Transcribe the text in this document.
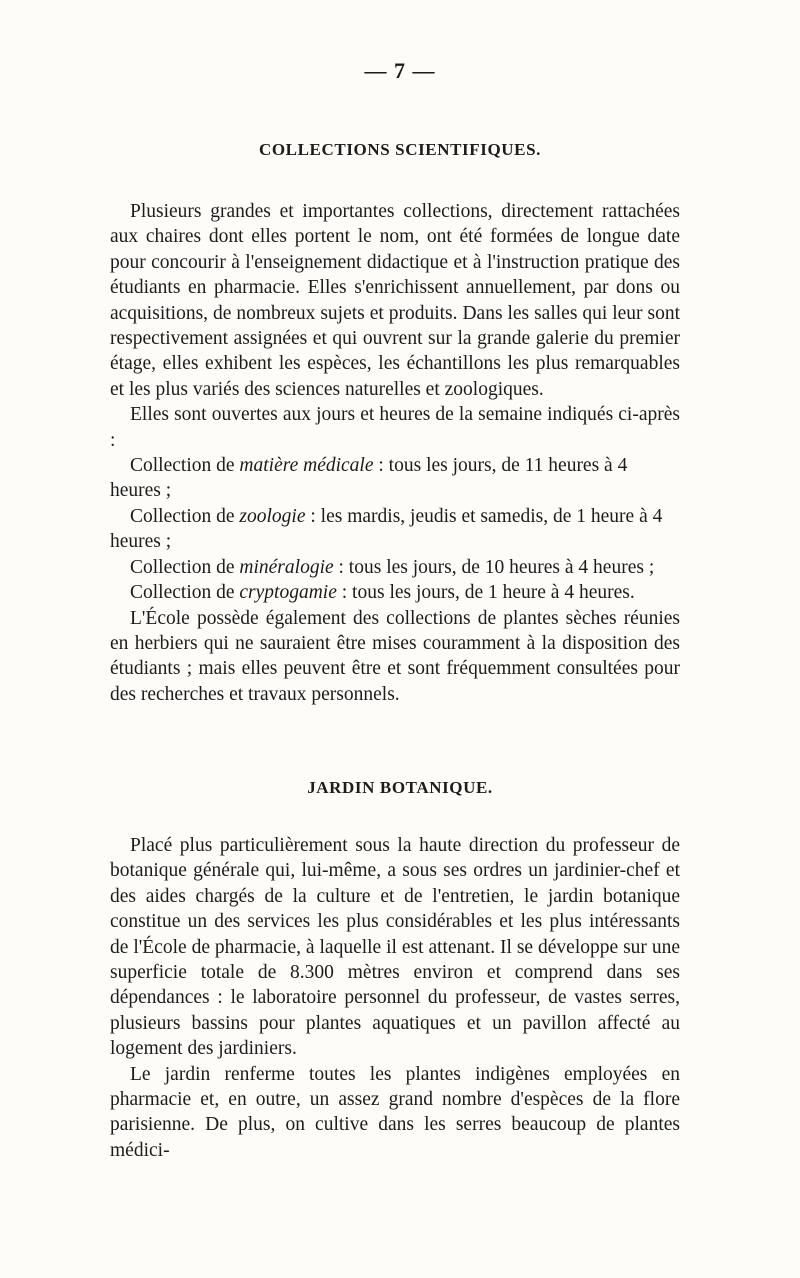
— 7 —
COLLECTIONS SCIENTIFIQUES.

Plusieurs grandes et importantes collections, directement rattachées aux chaires dont elles portent le nom, ont été formées de longue date pour concourir à l'enseignement didactique et à l'instruction pratique des étudiants en pharmacie. Elles s'enrichissent annuellement, par dons ou acquisitions, de nombreux sujets et produits. Dans les salles qui leur sont respectivement assignées et qui ouvrent sur la grande galerie du premier étage, elles exhibent les espèces, les échantillons les plus remarquables et les plus variés des sciences naturelles et zoologiques.

Elles sont ouvertes aux jours et heures de la semaine indiqués ci-après :

Collection de matière médicale : tous les jours, de 11 heures à 4 heures ;

Collection de zoologie : les mardis, jeudis et samedis, de 1 heure à 4 heures ;

Collection de minéralogie : tous les jours, de 10 heures à 4 heures ;

Collection de cryptogamie : tous les jours, de 1 heure à 4 heures.

L'École possède également des collections de plantes sèches réunies en herbiers qui ne sauraient être mises couramment à la disposition des étudiants ; mais elles peuvent être et sont fréquemment consultées pour des recherches et travaux personnels.

JARDIN BOTANIQUE.

Placé plus particulièrement sous la haute direction du professeur de botanique générale qui, lui-même, a sous ses ordres un jardinier-chef et des aides chargés de la culture et de l'entretien, le jardin botanique constitue un des services les plus considérables et les plus intéressants de l'École de pharmacie, à laquelle il est attenant. Il se développe sur une superficie totale de 8.300 mètres environ et comprend dans ses dépendances : le laboratoire personnel du professeur, de vastes serres, plusieurs bassins pour plantes aquatiques et un pavillon affecté au logement des jardiniers.

Le jardin renferme toutes les plantes indigènes employées en pharmacie et, en outre, un assez grand nombre d'espèces de la flore parisienne. De plus, on cultive dans les serres beaucoup de plantes médici-
